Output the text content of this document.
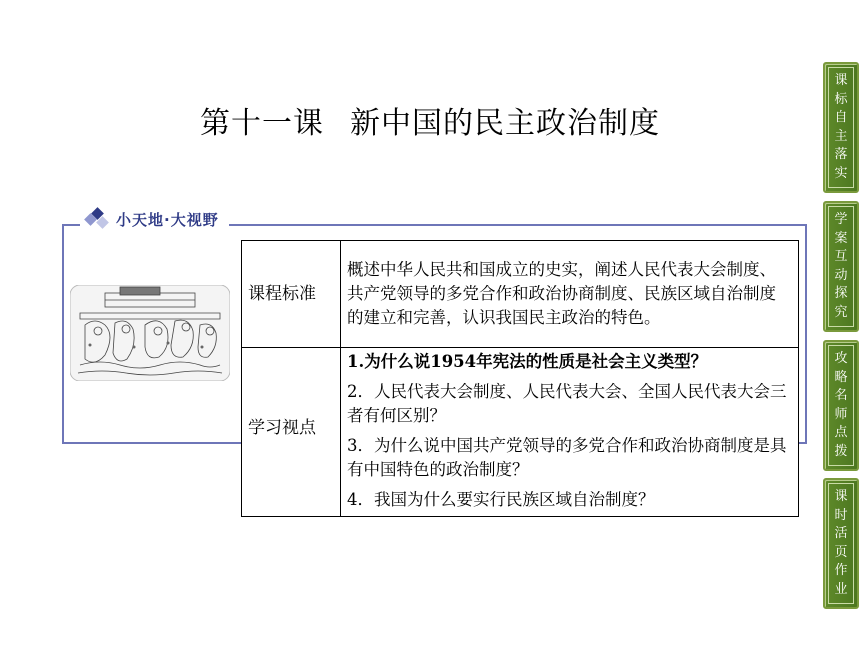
第十一课 新中国的民主政治制度
课标自主落实
学案互动探究
攻略名师点拨
课时活页作业
小天地·大视野
课程标准	概述中华人民共和国成立的史实，阐述人民代表大会制度、共产党领导的多党合作和政治协商制度、民族区域自治制度的建立和完善，认识我国民主政治的特色。
学习视点	1.为什么说1954年宪法的性质是社会主义类型？

2．人民代表大会制度、人民代表大会、全国人民代表大会三者有何区别？

3．为什么说中国共产党领导的多党合作和政治协商制度是具有中国特色的政治制度？

4．我国为什么要实行民族区域自治制度？
